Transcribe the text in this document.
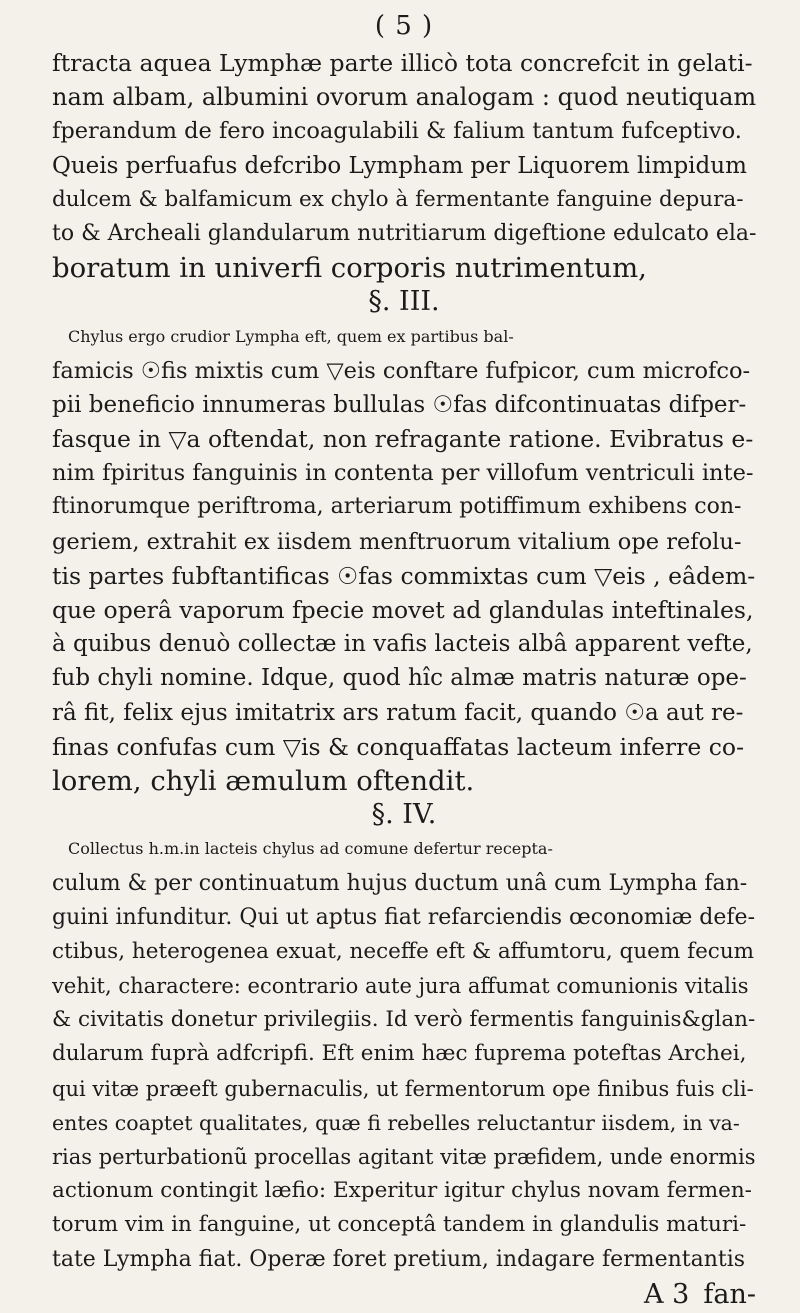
( 5 )
ftracta aquea Lymphæ parte illicò tota concrefcit in gelati-
nam albam, albumini ovorum analogam : quod neutiquam
fperandum de fero incoagulabili & falium tantum fufceptivo.
Queis perfuafus defcribo Lympham per Liquorem limpidum
dulcem & balfamicum ex chylo à fermentante fanguine depura-
to & Archeali glandularum nutritiarum digeftione edulcato ela-
boratum in univerfi corporis nutrimentum,
§. III.
Chylus ergo crudior Lympha eft, quem ex partibus bal-
famicis ☉fis mixtis cum ▽eis conftare fufpicor, cum microfco-
pii beneficio innumeras bullulas ☉fas difcontinuatas difper-
fasque in ▽a oftendat, non refragante ratione. Evibratus e-
nim fpiritus fanguinis in contenta per villofum ventriculi inte-
ftinorumque periftroma, arteriarum potiffimum exhibens con-
geriem, extrahit ex iisdem menftruorum vitalium ope refolu-
tis partes fubftantificas ☉fas commixtas cum ▽eis , eâdem-
que operâ vaporum fpecie movet ad glandulas inteftinales,
à quibus denuò collectæ in vafis lacteis albâ apparent vefte,
fub chyli nomine. Idque, quod hîc almæ matris naturæ ope-
râ fit, felix ejus imitatrix ars ratum facit, quando ☉a aut re-
finas confufas cum ▽is & conquaffatas lacteum inferre co-
lorem, chyli æmulum oftendit.
§. IV.
Collectus h.m.in lacteis chylus ad comune defertur recepta-
culum & per continuatum hujus ductum unâ cum Lympha fan-
guini infunditur. Qui ut aptus fiat refarciendis œconomiæ defe-
ctibus, heterogenea exuat, neceffe eft & affumtoru, quem fecum
vehit, charactere: econtrario aute jura affumat comunionis vitalis
& civitatis donetur privilegiis. Id verò fermentis fanguinis&glan-
dularum fuprà adfcripfi. Eft enim hæc fuprema poteftas Archei,
qui vitæ præeft gubernaculis, ut fermentorum ope finibus fuis cli-
entes coaptet qualitates, quæ fi rebelles reluctantur iisdem, in va-
rias perturbationũ procellas agitant vitæ præfidem, unde enormis
actionum contingit læfio: Experitur igitur chylus novam fermen-
torum vim in fanguine, ut conceptâ tandem in glandulis maturi-
tate Lympha fiat. Operæ foret pretium, indagare fermentantis
A 3 fan-
